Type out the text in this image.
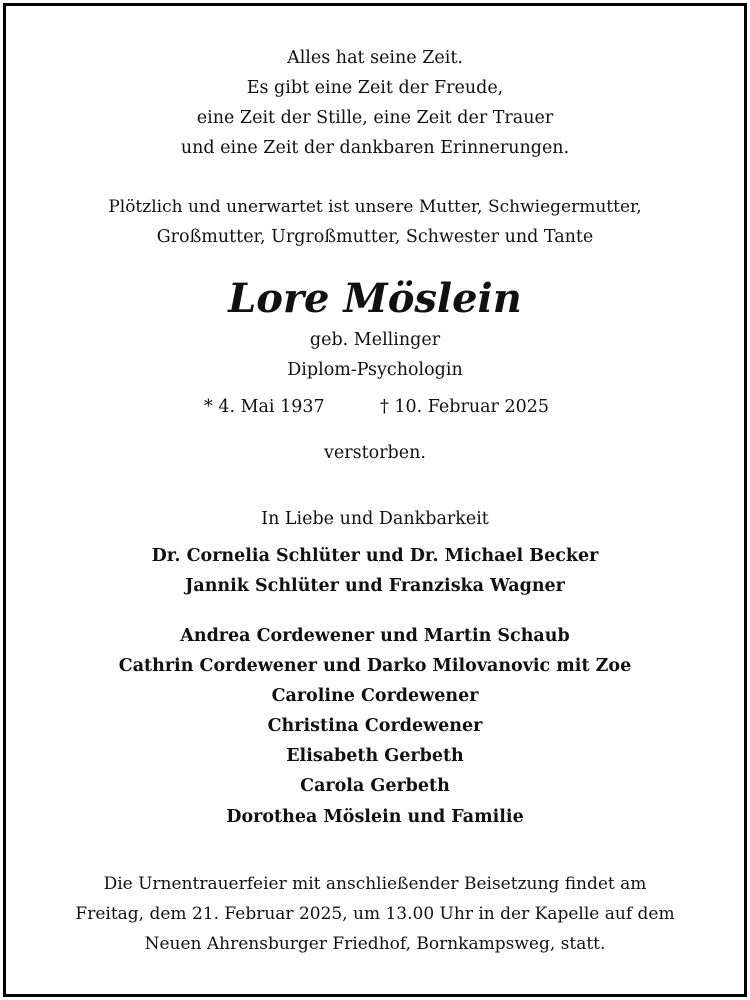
Alles hat seine Zeit.
Es gibt eine Zeit der Freude,
eine Zeit der Stille, eine Zeit der Trauer
und eine Zeit der dankbaren Erinnerungen.
Plötzlich und unerwartet ist unsere Mutter, Schwiegermutter,
Großmutter, Urgroßmutter, Schwester und Tante
Lore Möslein
geb. Mellinger
Diplom-Psychologin
* 4. Mai 1937	† 10. Februar 2025
verstorben.
In Liebe und Dankbarkeit
Dr. Cornelia Schlüter und Dr. Michael Becker
Jannik Schlüter und Franziska Wagner
Andrea Cordewener und Martin Schaub
Cathrin Cordewener und Darko Milovanovic mit Zoe
Caroline Cordewener
Christina Cordewener
Elisabeth Gerbeth
Carola Gerbeth
Dorothea Möslein und Familie
Die Urnentrauerfeier mit anschließender Beisetzung findet am
Freitag, dem 21. Februar 2025, um 13.00 Uhr in der Kapelle auf dem
Neuen Ahrensburger Friedhof, Bornkampsweg, statt.
